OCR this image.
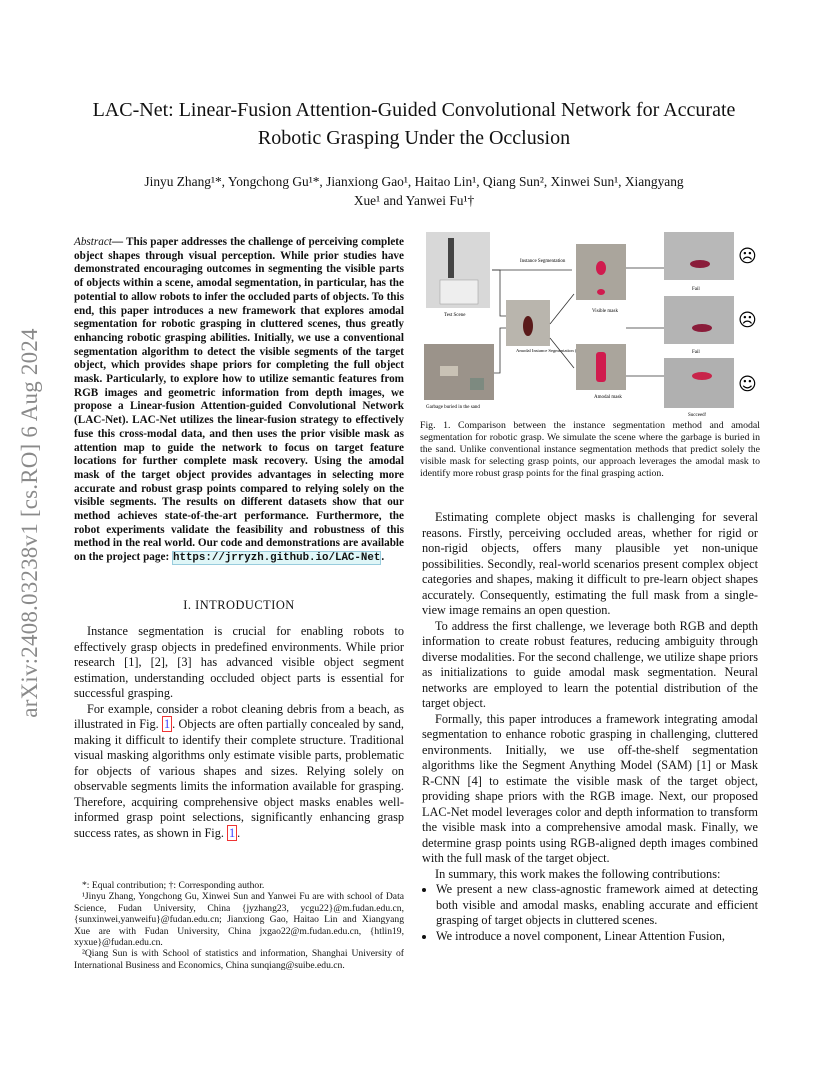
LAC-Net: Linear-Fusion Attention-Guided Convolutional Network for Accurate Robotic Grasping Under the Occlusion
Jinyu Zhang¹*, Yongchong Gu¹*, Jianxiong Gao¹, Haitao Lin¹, Qiang Sun², Xinwei Sun¹, Xiangyang Xue¹ and Yanwei Fu¹†
arXiv:2408.03238v1 [cs.RO] 6 Aug 2024
Abstract— This paper addresses the challenge of perceiving complete object shapes through visual perception. While prior studies have demonstrated encouraging outcomes in segmenting the visible parts of objects within a scene, amodal segmentation, in particular, has the potential to allow robots to infer the occluded parts of objects. To this end, this paper introduces a new framework that explores amodal segmentation for robotic grasping in cluttered scenes, thus greatly enhancing robotic grasping abilities. Initially, we use a conventional segmentation algorithm to detect the visible segments of the target object, which provides shape priors for completing the full object mask. Particularly, to explore how to utilize semantic features from RGB images and geometric information from depth images, we propose a Linear-fusion Attention-guided Convolutional Network (LAC-Net). LAC-Net utilizes the linear-fusion strategy to effectively fuse this cross-modal data, and then uses the prior visible mask as attention map to guide the network to focus on target feature locations for further complete mask recovery. Using the amodal mask of the target object provides advantages in selecting more accurate and robust grasp points compared to relying solely on the visible segments. The results on different datasets show that our method achieves state-of-the-art performance. Furthermore, the robot experiments validate the feasibility and robustness of this method in the real world. Our code and demonstrations are available on the project page: https://jrryzh.github.io/LAC-Net.
I. INTRODUCTION

Instance segmentation is crucial for enabling robots to effectively grasp objects in predefined environments. While prior research [1], [2], [3] has advanced visible object segment estimation, understanding occluded object parts is essential for successful grasping.

For example, consider a robot cleaning debris from a beach, as illustrated in Fig. 1 . Objects are often partially concealed by sand, making it difficult to identify their complete structure. Traditional visual masking algorithms only estimate visible parts, problematic for objects of various shapes and sizes. Relying solely on observable segments limits the information available for grasping. Therefore, acquiring comprehensive object masks enables well-informed grasp point selections, significantly enhancing grasp success rates, as shown in Fig. 1 .

*: Equal contribution; †: Corresponding author.

¹Jinyu Zhang, Yongchong Gu, Xinwei Sun and Yanwei Fu are with school of Data Science, Fudan University, China {jyzhang23, ycgu22}@m.fudan.edu.cn, {sunxinwei,yanweifu}@fudan.edu.cn; Jianxiong Gao, Haitao Lin and Xiangyang Xue are with Fudan University, China jxgao22@m.fudan.edu.cn, {htlin19, xyxue}@fudan.edu.cn.

²Qiang Sun is with School of statistics and information, Shanghai University of International Business and Economics, China sunqiang@suibe.edu.cn.

Test Scene
Garbage buried in the sand
Instance Segmentation
Visible mask
Amodal Instance Segmentation (
Amodal mask
Fail
Fail
Succeed!
☹
☹
☺
Fig. 1. Comparison between the instance segmentation method and amodal segmentation for robotic grasp. We simulate the scene where the garbage is buried in the sand. Unlike conventional instance segmentation methods that predict solely the visible mask for selecting grasp points, our approach leverages the amodal mask to identify more robust grasp points for the final grasping action.

Estimating complete object masks is challenging for several reasons. Firstly, perceiving occluded areas, whether for rigid or non-rigid objects, offers many plausible yet non-unique possibilities. Secondly, real-world scenarios present complex object categories and shapes, making it difficult to pre-learn object shapes accurately. Consequently, estimating the full mask from a single-view image remains an open question.

To address the first challenge, we leverage both RGB and depth information to create robust features, reducing ambiguity through diverse modalities. For the second challenge, we utilize shape priors as initializations to guide amodal mask segmentation. Neural networks are employed to learn the potential distribution of the target object.

Formally, this paper introduces a framework integrating amodal segmentation to enhance robotic grasping in challenging, cluttered environments. Initially, we use off-the-shelf segmentation algorithms like the Segment Anything Model (SAM) [1] or Mask R-CNN [4] to estimate the visible mask of the target object, providing shape priors with the RGB image. Next, our proposed LAC-Net model leverages color and depth information to transform the visible mask into a comprehensive amodal mask. Finally, we determine grasp points using RGB-aligned depth images combined with the full mask of the target object.

In summary, this work makes the following contributions:

• We present a new class-agnostic framework aimed at detecting both visible and amodal masks, enabling accurate and efficient grasping of target objects in cluttered scenes.
• We introduce a novel component, Linear Attention Fusion,
